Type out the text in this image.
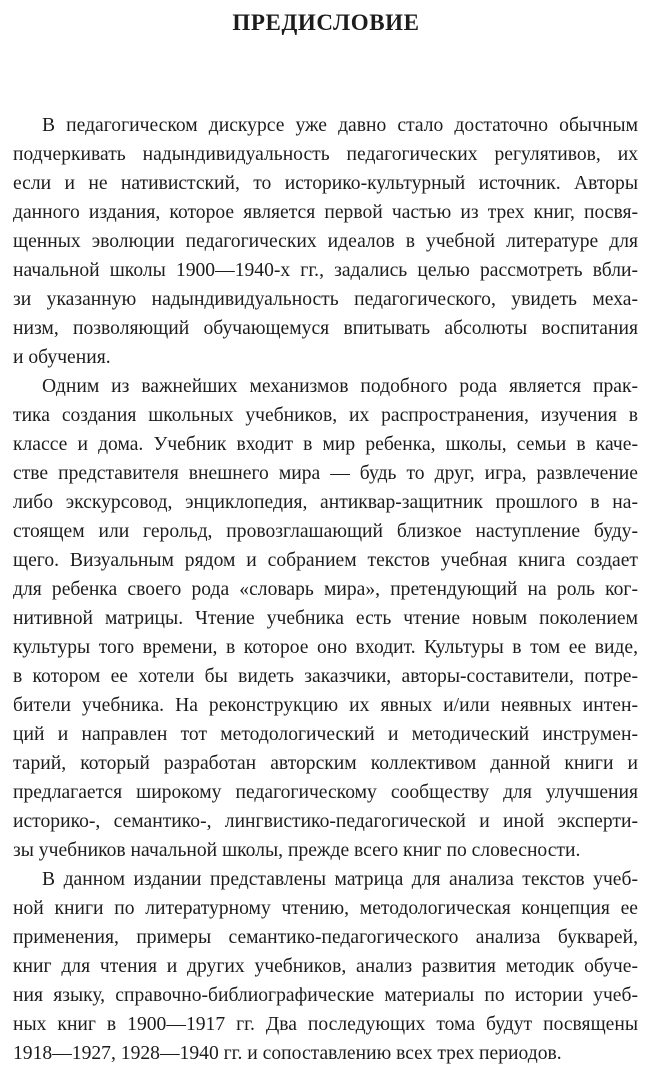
ПРЕДИСЛОВИЕ
В педагогическом дискурсе уже давно стало достаточно обычным
подчеркивать надындивидуальность педагогических регулятивов, их
если и не нативистский, то историко-культурный источник. Авторы
данного издания, которое является первой частью из трех книг, посвя-
щенных эволюции педагогических идеалов в учебной литературе для
начальной школы 1900—1940-х гг., задались целью рассмотреть вбли-
зи указанную надындивидуальность педагогического, увидеть меха-
низм, позволяющий обучающемуся впитывать абсолюты воспитания
и обучения.
Одним из важнейших механизмов подобного рода является прак-
тика создания школьных учебников, их распространения, изучения в
классе и дома. Учебник входит в мир ребенка, школы, семьи в каче-
стве представителя внешнего мира — будь то друг, игра, развлечение
либо экскурсовод, энциклопедия, антиквар-защитник прошлого в на-
стоящем или герольд, провозглашающий близкое наступление буду-
щего. Визуальным рядом и собранием текстов учебная книга создает
для ребенка своего рода «словарь мира», претендующий на роль ког-
нитивной матрицы. Чтение учебника есть чтение новым поколением
культуры того времени, в которое оно входит. Культуры в том ее виде,
в котором ее хотели бы видеть заказчики, авторы-составители, потре-
бители учебника. На реконструкцию их явных и/или неявных интен-
ций и направлен тот методологический и методический инструмен-
тарий, который разработан авторским коллективом данной книги и
предлагается широкому педагогическому сообществу для улучшения
историко-, семантико-, лингвистико-педагогической и иной эксперти-
зы учебников начальной школы, прежде всего книг по словесности.
В данном издании представлены матрица для анализа текстов учеб-
ной книги по литературному чтению, методологическая концепция ее
применения, примеры семантико-педагогического анализа букварей,
книг для чтения и других учебников, анализ развития методик обуче-
ния языку, справочно-библиографические материалы по истории учеб-
ных книг в 1900—1917 гг. Два последующих тома будут посвящены
1918—1927, 1928—1940 гг. и сопоставлению всех трех периодов.
